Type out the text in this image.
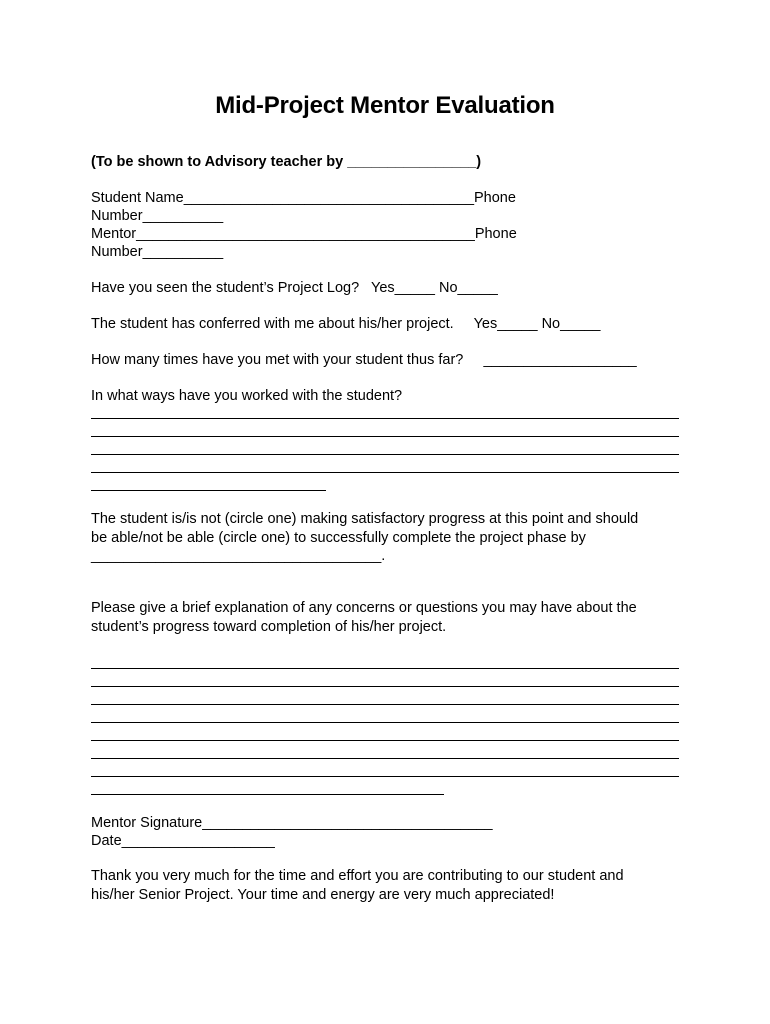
Mid-Project Mentor Evaluation
(To be shown to Advisory teacher by ________________)
Student Name____________________________________Phone
Number__________
Mentor__________________________________________Phone
Number__________
Have you seen the student’s Project Log?   Yes_____ No_____
The student has conferred with me about his/her project.     Yes_____ No_____
How many times have you met with your student thus far?     ___________________
In what ways have you worked with the student?
The student is/is not (circle one) making satisfactory progress at this point and should
be able/not be able (circle one) to successfully complete the project phase by
____________________________________.
Please give a brief explanation of any concerns or questions you may have about the
student’s progress toward completion of his/her project.
Mentor Signature____________________________________
Date___________________
Thank you very much for the time and effort you are contributing to our student and
his/her Senior Project. Your time and energy are very much appreciated!
